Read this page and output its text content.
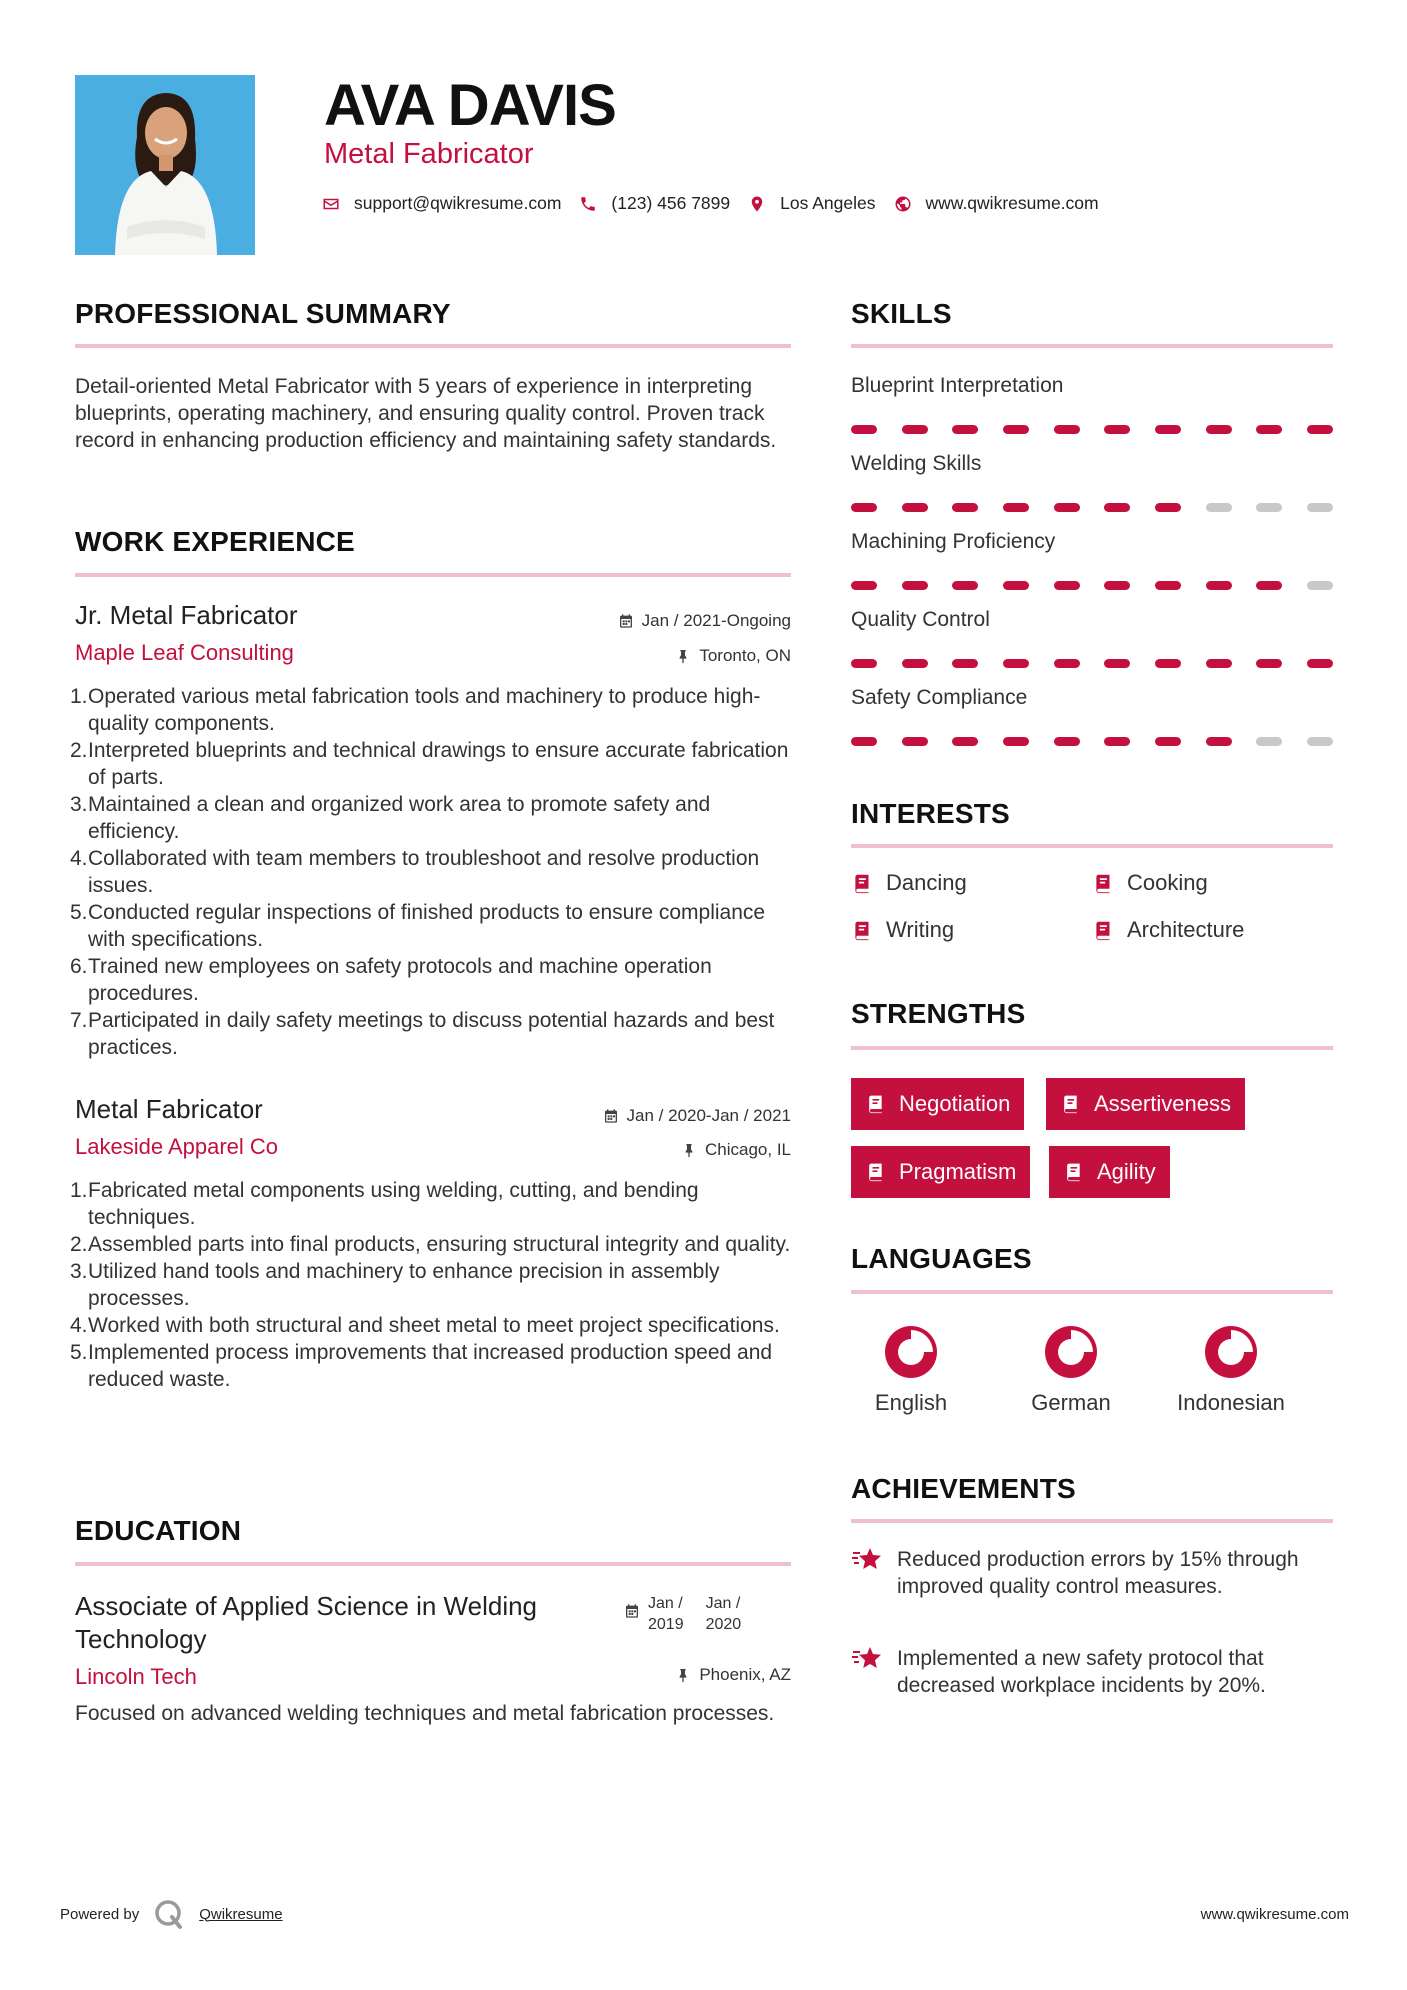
AVA DAVIS
Metal Fabricator
support@qwikresume.com	(123) 456 7899	Los Angeles	www.qwikresume.com
PROFESSIONAL SUMMARY
Detail-oriented Metal Fabricator with 5 years of experience in interpreting blueprints, operating machinery, and ensuring quality control. Proven track record in enhancing production efficiency and maintaining safety standards.
WORK EXPERIENCE
Jr. Metal Fabricator	Jan / 2021-Ongoing
Maple Leaf Consulting	Toronto, ON
1. Operated various metal fabrication tools and machinery to produce high-quality components.
2. Interpreted blueprints and technical drawings to ensure accurate fabrication of parts.
3. Maintained a clean and organized work area to promote safety and efficiency.
4. Collaborated with team members to troubleshoot and resolve production issues.
5. Conducted regular inspections of finished products to ensure compliance with specifications.
6. Trained new employees on safety protocols and machine operation procedures.
7. Participated in daily safety meetings to discuss potential hazards and best practices.
Metal Fabricator	Jan / 2020-Jan / 2021
Lakeside Apparel Co	Chicago, IL
1. Fabricated metal components using welding, cutting, and bending techniques.
2. Assembled parts into final products, ensuring structural integrity and quality.
3. Utilized hand tools and machinery to enhance precision in assembly processes.
4. Worked with both structural and sheet metal to meet project specifications.
5. Implemented process improvements that increased production speed and reduced waste.
EDUCATION
Associate of Applied Science in Welding
Technology
Jan /
2019
Jan /
2020
Lincoln Tech	Phoenix, AZ
Focused on advanced welding techniques and metal fabrication processes.
SKILLS
Blueprint Interpretation
Welding Skills
Machining Proficiency
Quality Control
Safety Compliance
INTERESTS
Dancing	Cooking
Writing	Architecture
STRENGTHS
Negotiation	Assertiveness
Pragmatism	Agility
LANGUAGES
English	German	Indonesian
ACHIEVEMENTS
Reduced production errors by 15% through improved quality control measures.
Implemented a new safety protocol that decreased workplace incidents by 20%.
Powered by	Qwikresume	www.qwikresume.com
